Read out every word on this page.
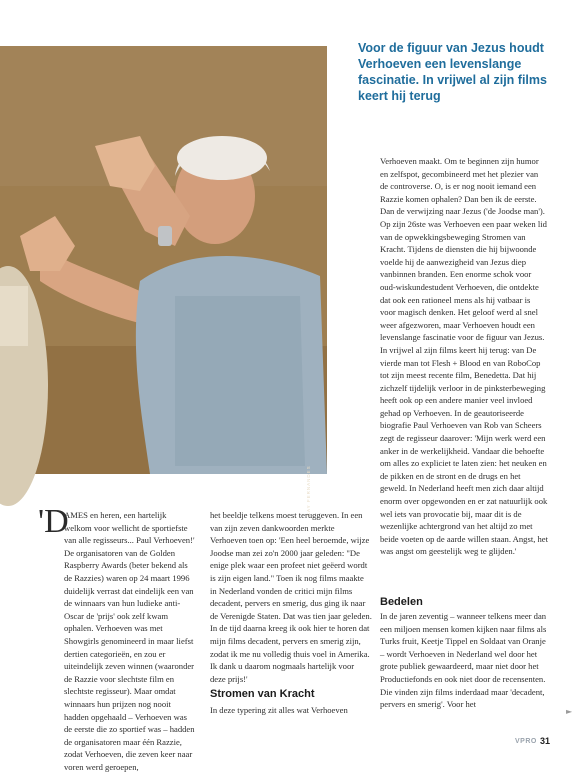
KAY FERNANDES
Voor de figuur van Jezus houdt Verhoeven een levenslange fascinatie. In vrijwel al zijn films keert hij terug

Verhoeven maakt. Om te beginnen zijn humor en zelfspot, gecombineerd met het plezier van de controverse. O, is er nog nooit iemand een Razzie komen ophalen? Dan ben ik de eerste. Dan de verwijzing naar Jezus ('de Joodse man'). Op zijn 26ste was Verhoeven een paar weken lid van de opwekkingsbeweging Stromen van Kracht. Tijdens de diensten die hij bijwoonde voelde hij de aanwezigheid van Jezus diep vanbinnen branden. Een enorme schok voor oud-wiskundestudent Verhoeven, die ontdekte dat ook een rationeel mens als hij vatbaar is voor magisch denken. Het geloof werd al snel weer afgezworen, maar Verhoeven houdt een levenslange fascinatie voor de figuur van Jezus. In vrijwel al zijn films keert hij terug: van De vierde man tot Flesh + Blood en van RoboCop tot zijn meest recente film, Benedetta. Dat hij zichzelf tijdelijk verloor in de pinksterbeweging heeft ook op een andere manier veel invloed gehad op Verhoeven. In de geautoriseerde biografie Paul Verhoeven van Rob van Scheers zegt de regisseur daarover: 'Mijn werk werd een anker in de werkelijkheid. Vandaar die behoefte om alles zo expliciet te laten zien: het neuken en de pikken en de stront en de drugs en het geweld. In Nederland heeft men zich daar altijd enorm over opgewonden en er zat natuurlijk ook wel iets van provocatie bij, maar dit is de wezenlijke achtergrond van het altijd zo met beide voeten op de aarde willen staan. Angst, het was angst om geestelijk weg te glijden.'

'D

AMES en heren, een hartelijk welkom voor wellicht de sportiefste van alle regisseurs... Paul Verhoeven!' De organisatoren van de Golden Raspberry Awards (beter bekend als de Razzies) waren op 24 maart 1996 duidelijk verrast dat eindelijk een van de winnaars van hun ludieke anti-Oscar de 'prijs' ook zelf kwam ophalen. Verhoeven was met Showgirls genomineerd in maar liefst dertien categorieën, en zou er uiteindelijk zeven winnen (waaronder de Razzie voor slechtste film en slechtste regisseur). Maar omdat winnaars hun prijzen nog nooit hadden opgehaald – Verhoeven was de eerste die zo sportief was – hadden de organisatoren maar één Razzie, zodat Verhoeven, die zeven keer naar voren werd geroepen,

het beeldje telkens moest teruggeven. In een van zijn zeven dankwoorden merkte Verhoeven toen op: 'Een heel beroemde, wijze Joodse man zei zo'n 2000 jaar geleden: "De enige plek waar een profeet niet geëerd wordt is zijn eigen land." Toen ik nog films maakte in Nederland vonden de critici mijn films decadent, pervers en smerig, dus ging ik naar de Verenigde Staten. Dat was tien jaar geleden. In de tijd daarna kreeg ik ook hier te horen dat mijn films decadent, pervers en smerig zijn, zodat ik me nu volledig thuis voel in Amerika. Ik dank u daarom nogmaals hartelijk voor deze prijs!'

Stromen van Kracht
In deze typering zit alles wat Verhoeven
Bedelen

In de jaren zeventig – wanneer telkens meer dan een miljoen mensen komen kijken naar films als Turks fruit, Keetje Tippel en Soldaat van Oranje – wordt Verhoeven in Nederland wel door het grote publiek gewaardeerd, maar niet door het Productiefonds en ook niet door de recensenten. Die vinden zijn films inderdaad maar 'decadent, pervers en smerig'. Voor het

►
VPRO 31
